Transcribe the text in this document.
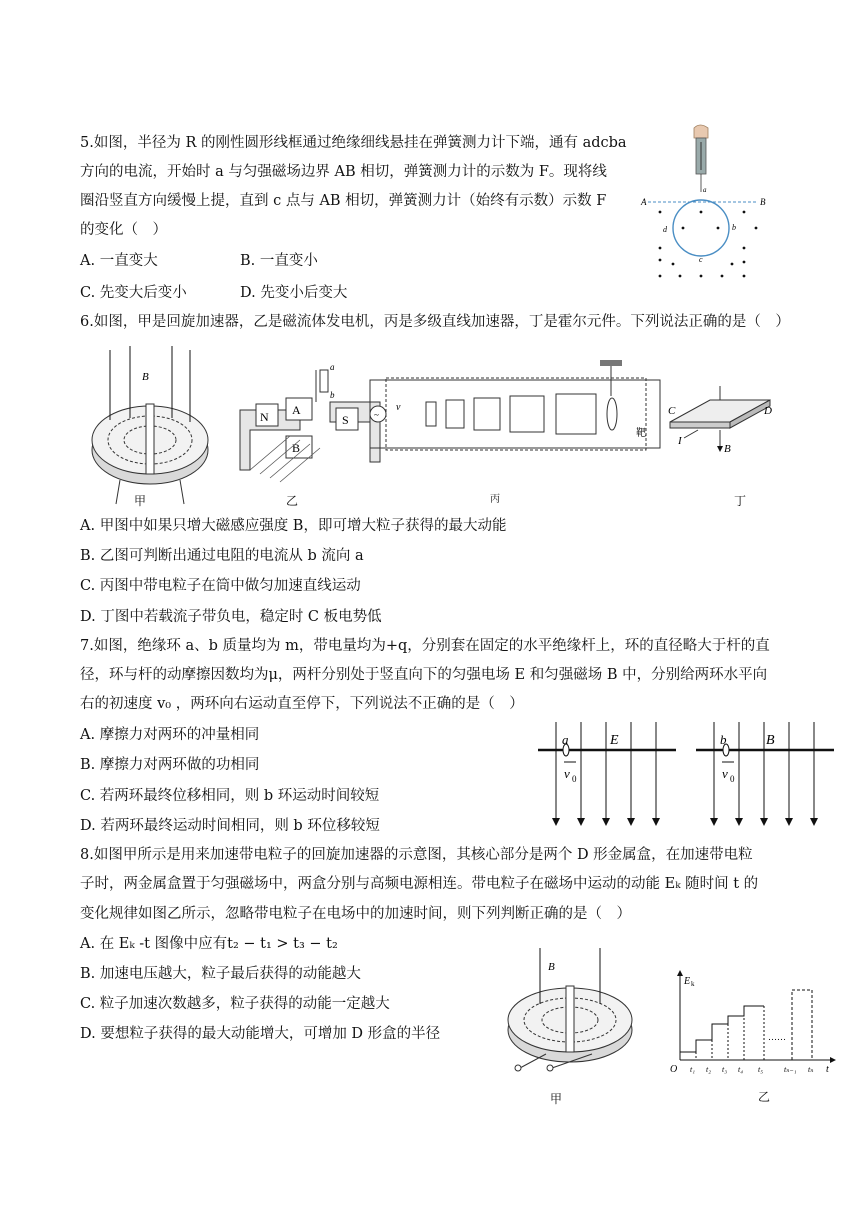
5.如图，半径为 R 的刚性圆形线框通过绝缘细线悬挂在弹簧测力计下端，通有 adcba
方向的电流，开始时 a 与匀强磁场边界 AB 相切，弹簧测力计的示数为 F。现将线
圈沿竖直方向缓慢上提，直到 c 点与 AB 相切，弹簧测力计（始终有示数）示数 F
的变化（　）
A. 一直变大	B. 一直变小
C. 先变大后变小	D. 先变小后变大
a
A	B
d	b
c
6.如图，甲是回旋加速器，乙是磁流体发电机，丙是多级直线加速器，丁是霍尔元件。下列说法正确的是（　）
B
N A
B
S
a
b
~
v
靶
B
C	D
I
甲	乙	丙	丁
A. 甲图中如果只增大磁感应强度 B，即可增大粒子获得的最大动能
B. 乙图可判断出通过电阻的电流从 b 流向 a
C. 丙图中带电粒子在筒中做匀加速直线运动
D. 丁图中若载流子带负电，稳定时 C 板电势低
7.如图，绝缘环 a、b 质量均为 m，带电量均为+q，分别套在固定的水平绝缘杆上，环的直径略大于杆的直
径，环与杆的动摩擦因数均为μ，两杆分别处于竖直向下的匀强电场 E 和匀强磁场 B 中，分别给两环水平向
右的初速度 v₀ ，两环向右运动直至停下，下列说法不正确的是（　）
A. 摩擦力对两环的冲量相同
B. 摩擦力对两环做的功相同
C. 若两环最终位移相同，则 b 环运动时间较短
D. 若两环最终运动时间相同，则 b 环位移较短
a	E
v 0
b	B
v 0
8.如图甲所示是用来加速带电粒子的回旋加速器的示意图，其核心部分是两个 D 形金属盒，在加速带电粒
子时，两金属盒置于匀强磁场中，两盒分别与高频电源相连。带电粒子在磁场中运动的动能 Eₖ 随时间 t 的
变化规律如图乙所示，忽略带电粒子在电场中的加速时间，则下列判断正确的是（　）
A. 在 Eₖ -t 图像中应有t₂ − t₁ > t₃ − t₂
B. 加速电压越大，粒子最后获得的动能越大
C. 粒子加速次数越多，粒子获得的动能一定越大
D. 要想粒子获得的最大动能增大，可增加 D 形盒的半径
B
甲
E k
O	t
……
t₁ t₂ t₃ t₄ t₅	tₙ₋₁ tₙ
乙
